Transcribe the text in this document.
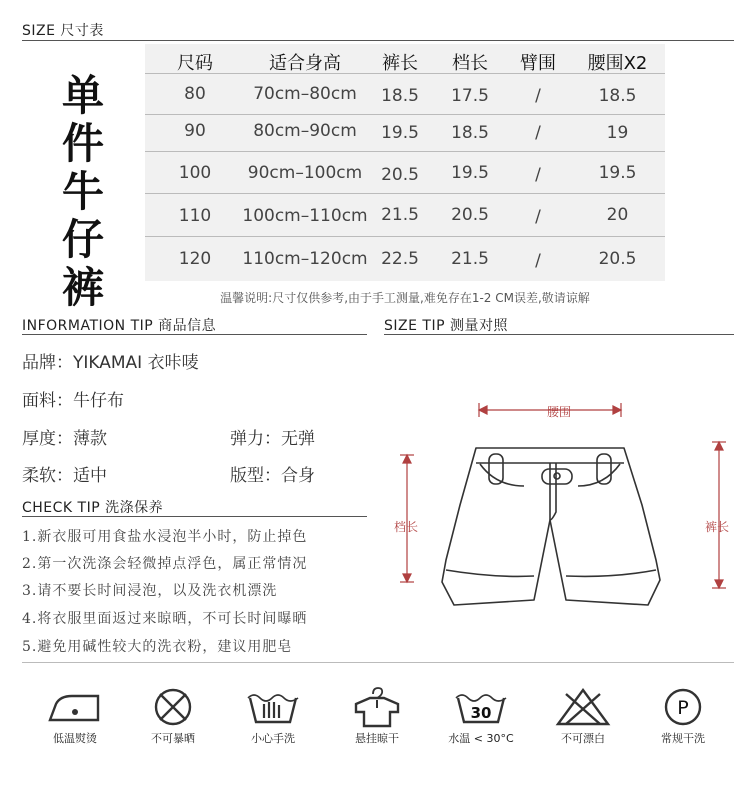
SIZE 尺寸表
单
件
牛
仔
裤
尺码	适合身高	裤长	档长	臂围	腰围X2
80	70cm–80cm	18.5	17.5	/	18.5
90	80cm–90cm	19.5	18.5	/	19
100	90cm–100cm	20.5	19.5	/	19.5
110	100cm–110cm 21.5	20.5	/	20
120	110cm–120cm 22.5	21.5	/	20.5
温馨说明:尺寸仅供参考,由于手工测量,难免存在1-2 CM误差,敬请谅解
INFORMATION TIP 商品信息
品牌：YIKAMAI 衣咔唛
面料：牛仔布
厚度：薄款	弹力：无弹
柔软：适中	版型：合身
CHECK TIP 洗涤保养
1.新衣服可用食盐水浸泡半小时，防止掉色
2.第一次洗涤会轻微掉点浮色，属正常情况
3.请不要长时间浸泡，以及洗衣机漂洗
4.将衣服里面返过来晾晒，不可长时间曝晒
5.避免用碱性较大的洗衣粉，建议用肥皂
SIZE TIP 测量对照
腰围
档长	裤长
低温熨烫	不可暴晒	小心手洗	悬挂晾干
30
水温 < 30°C	不可漂白
P
常规干洗
